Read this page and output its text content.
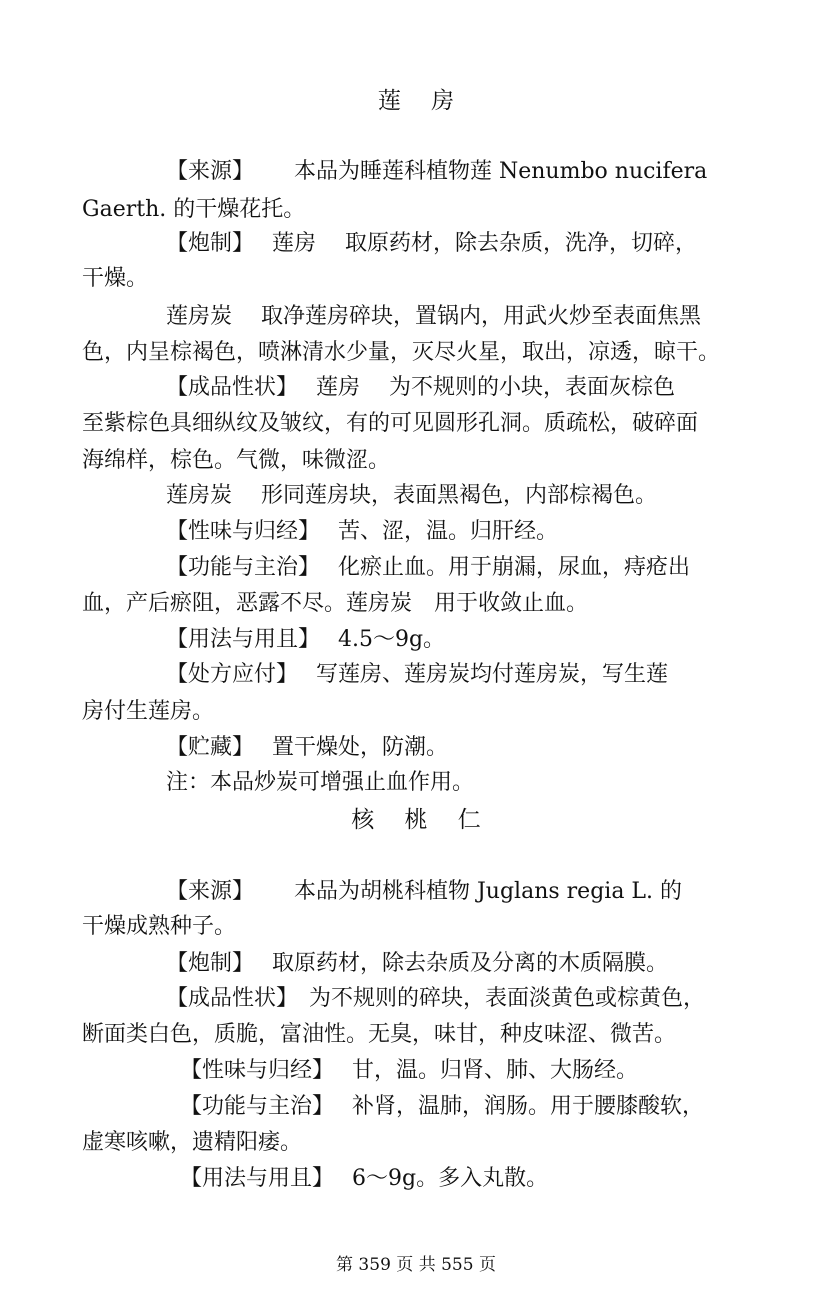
莲　 房
【来源】　　 本品为睡莲科植物莲 Nenumbo nucifera
Gaerth. 的干燥花托。
【炮制】　 莲房　 取原药材，除去杂质，洗净，切碎，
干燥。
莲房炭　 取净莲房碎块，置锅内，用武火炒至表面焦黑
色，内呈棕褐色，喷淋清水少量，灭尽火星，取出，凉透，晾干。
【成品性状】　 莲房　 为不规则的小块，表面灰棕色
至紫棕色具细纵纹及皱纹，有的可见圆形孔洞。质疏松，破碎面
海绵样，棕色。气微，味微涩。
莲房炭　 形同莲房块，表面黑褐色，内部棕褐色。
【性味与归经】　 苦、涩，温。归肝经。
【功能与主治】　 化瘀止血。用于崩漏，尿血，痔疮出
血，产后瘀阻，恶露不尽。莲房炭　用于收敛止血。
【用法与用且】　 4.5～9g。
【处方应付】　 写莲房、莲房炭均付莲房炭，写生莲
房付生莲房。
【贮藏】　 置干燥处，防潮。
注：本品炒炭可增强止血作用。
核　 桃　 仁
【来源】　　 本品为胡桃科植物 Juglans regia L. 的
干燥成熟种子。
【炮制】　 取原药材，除去杂质及分离的木质隔膜。
【成品性状】　为不规则的碎块，表面淡黄色或棕黄色，
断面类白色，质脆，富油性。无臭，味甘，种皮味涩、微苦。
【性味与归经】　 甘，温。归肾、肺、大肠经。
【功能与主治】　 补肾，温肺，润肠。用于腰膝酸软，
虚寒咳嗽，遗精阳痿。
【用法与用且】　 6～9g。多入丸散。
第 359 页 共 555 页
